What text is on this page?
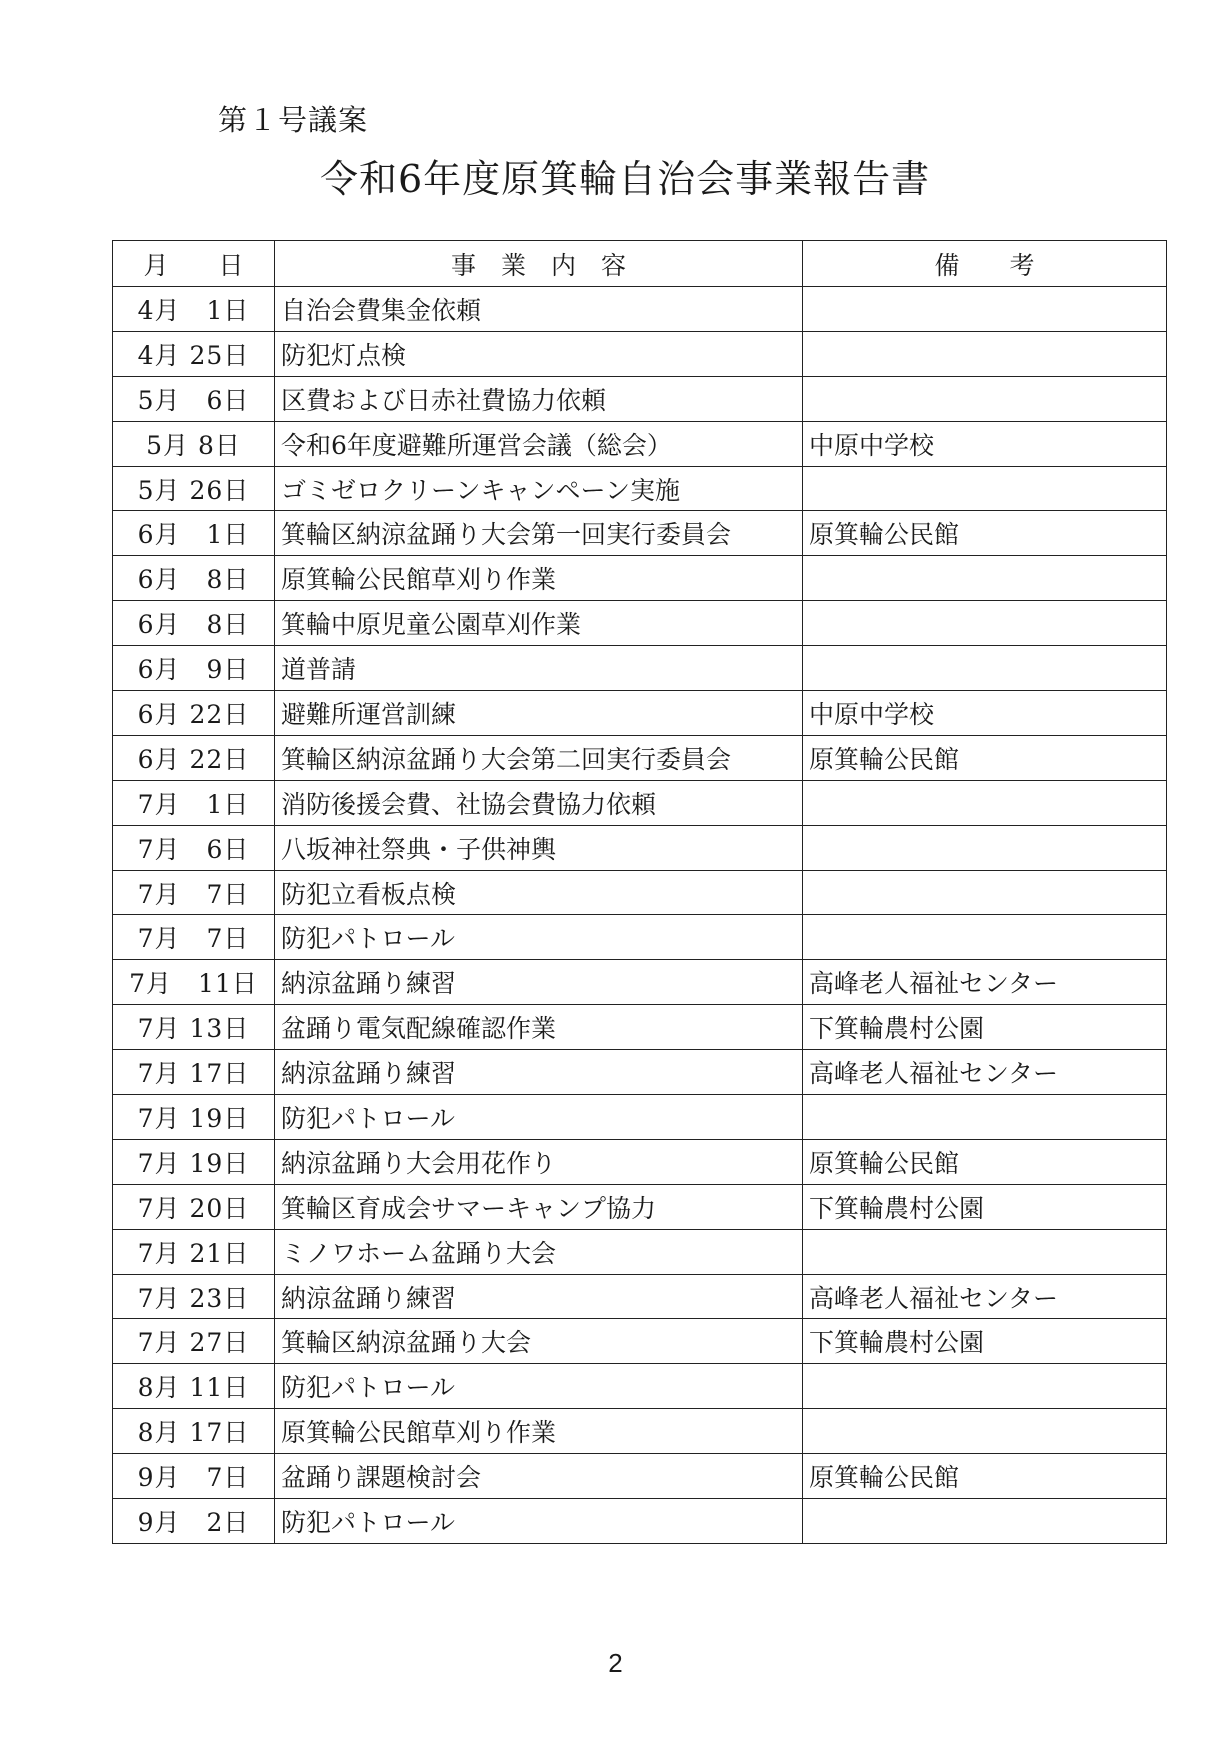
第１号議案
令和6年度原箕輪自治会事業報告書
月　　日	事　業　内　容	備　　考
4月　1日	自治会費集金依頼	
4月 25日	防犯灯点検	
5月　6日	区費および日赤社費協力依頼	
5月 8日	令和6年度避難所運営会議（総会）	中原中学校
5月 26日	ゴミゼロクリーンキャンペーン実施	
6月　1日	箕輪区納涼盆踊り大会第一回実行委員会	原箕輪公民館
6月　8日	原箕輪公民館草刈り作業	
6月　8日	箕輪中原児童公園草刈作業	
6月　9日	道普請	
6月 22日	避難所運営訓練	中原中学校
6月 22日	箕輪区納涼盆踊り大会第二回実行委員会	原箕輪公民館
7月　1日	消防後援会費、社協会費協力依頼	
7月　6日	八坂神社祭典・子供神輿	
7月　7日	防犯立看板点検	
7月　7日	防犯パトロール	
7月　11日	納涼盆踊り練習	高峰老人福祉センター
7月 13日	盆踊り電気配線確認作業	下箕輪農村公園
7月 17日	納涼盆踊り練習	高峰老人福祉センター
7月 19日	防犯パトロール	
7月 19日	納涼盆踊り大会用花作り	原箕輪公民館
7月 20日	箕輪区育成会サマーキャンプ協力	下箕輪農村公園
7月 21日	ミノワホーム盆踊り大会	
7月 23日	納涼盆踊り練習	高峰老人福祉センター
7月 27日	箕輪区納涼盆踊り大会	下箕輪農村公園
8月 11日	防犯パトロール	
8月 17日	原箕輪公民館草刈り作業	
9月　7日	盆踊り課題検討会	原箕輪公民館
9月　2日	防犯パトロール	
2
